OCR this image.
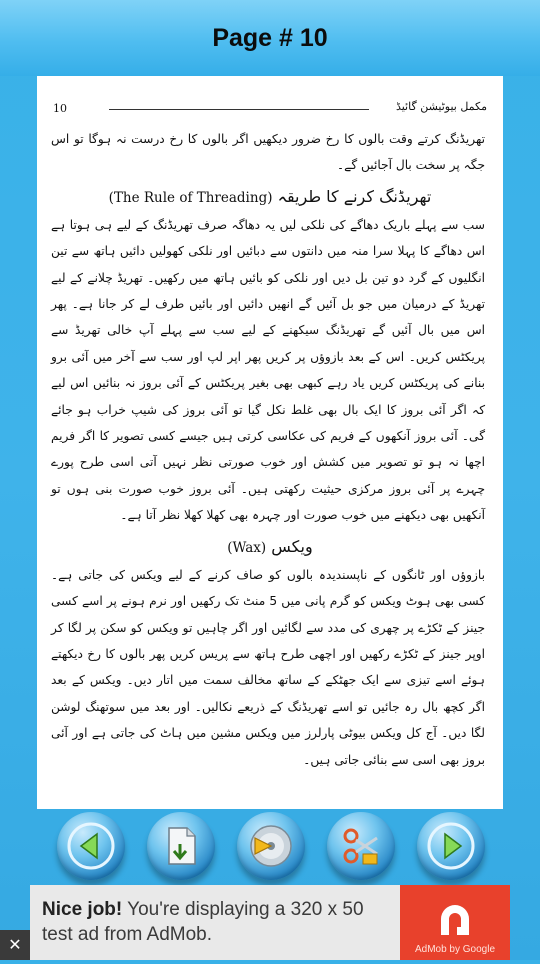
Page # 10
10	مکمل بیوٹیشن گائیڈ

تھریڈنگ کرتے وقت بالوں کا رخ ضرور دیکھیں اگر بالوں کا رخ درست نہ ہوگا تو اس جگہ پر سخت بال آجائیں گے۔

تھریڈنگ کرنے کا طریقہ (The Rule of Threading)

سب سے پہلے باریک دھاگے کی نلکی لیں یہ دھاگہ صرف تھریڈنگ کے لیے ہی ہوتا ہے اس دھاگے کا پہلا سرا منہ میں دانتوں سے دبائیں اور نلکی کھولیں دائیں ہاتھ سے تین انگلیوں کے گرد دو تین بل دیں اور نلکی کو بائیں ہاتھ میں رکھیں۔ تھریڈ چلانے کے لیے تھریڈ کے درمیان میں جو بل آئیں گے انھیں دائیں اور بائیں طرف لے کر جانا ہے۔ پھر اس میں بال آئیں گے تھریڈنگ سیکھنے کے لیے سب سے پہلے آپ خالی تھریڈ سے پریکٹس کریں۔ اس کے بعد بازوؤں پر کریں پھر اپر لپ اور سب سے آخر میں آئی برو بنانے کی پریکٹس کریں یاد رہے کبھی بھی بغیر پریکٹس کے آئی بروز نہ بنائیں اس لیے کہ اگر آئی بروز کا ایک بال بھی غلط نکل گیا تو آئی بروز کی شیپ خراب ہو جائے گی۔ آئی بروز آنکھوں کے فریم کی عکاسی کرتی ہیں جیسے کسی تصویر کا اگر فریم اچھا نہ ہو تو تصویر میں کشش اور خوب صورتی نظر نہیں آتی اسی طرح پورے چہرے پر آئی بروز مرکزی حیثیت رکھتی ہیں۔ آئی بروز خوب صورت بنی ہوں تو آنکھیں بھی دیکھنے میں خوب صورت اور چہرہ بھی کھلا کھلا نظر آتا ہے۔

ویکس (Wax)

بازوؤں اور ٹانگوں کے ناپسندیدہ بالوں کو صاف کرنے کے لیے ویکس کی جاتی ہے۔ کسی بھی ہوٹ ویکس کو گرم پانی میں 5 منٹ تک رکھیں اور نرم ہونے پر اسے کسی جینز کے ٹکڑے پر چھری کی مدد سے لگائیں اور اگر چاہیں تو ویکس کو سکن پر لگا کر اوپر جینز کے ٹکڑے رکھیں اور اچھی طرح ہاتھ سے پریس کریں پھر بالوں کا رخ دیکھتے ہوئے اسے تیزی سے ایک جھٹکے کے ساتھ مخالف سمت میں اتار دیں۔ ویکس کے بعد اگر کچھ بال رہ جائیں تو اسے تھریڈنگ کے ذریعے نکالیں۔ اور بعد میں سوتھنگ لوشن لگا دیں۔ آج کل ویکس بیوٹی پارلرز میں ویکس مشین میں ہاٹ کی جاتی ہے اور آئی بروز بھی اسی سے بنائی جاتی ہیں۔

Nice job! You're displaying a 320 x 50 test ad from AdMob.
AdMob by Google
✕
